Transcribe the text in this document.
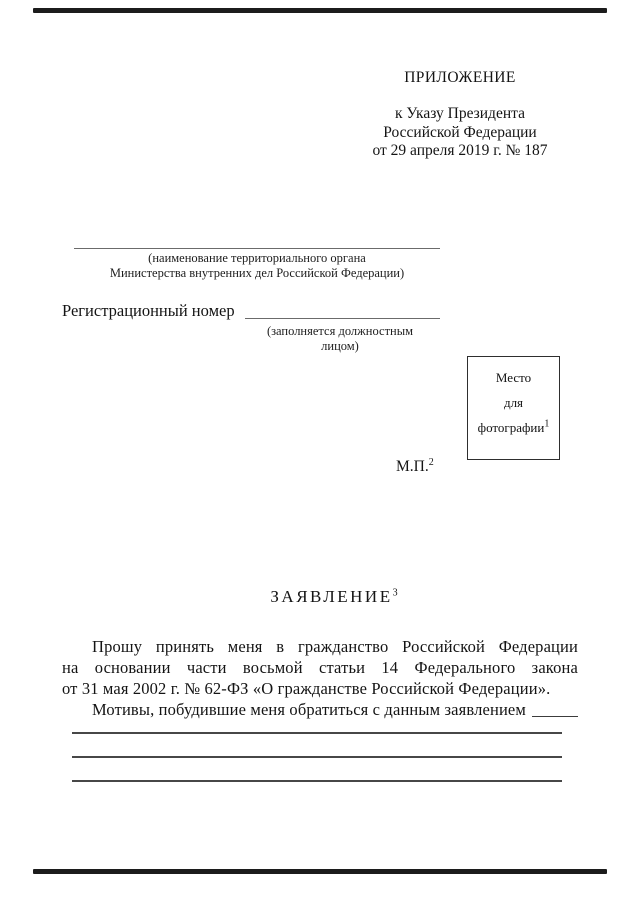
ПРИЛОЖЕНИЕ
к Указу Президента
Российской Федерации
от 29 апреля 2019 г. № 187
(наименование территориального органа
Министерства внутренних дел Российской Федерации)
Регистрационный номер
(заполняется должностным
лицом)
Место
для
фотографии$^1$
М.П.$^2$
ЗАЯВЛЕНИЕ$^3$
Прошу принять меня в гражданство Российской Федерации
на основании части восьмой статьи 14 Федерального закона
от 31 мая 2002 г. № 62-ФЗ «О гражданстве Российской Федерации».
Мотивы, побудившие меня обратиться с данным заявлением
